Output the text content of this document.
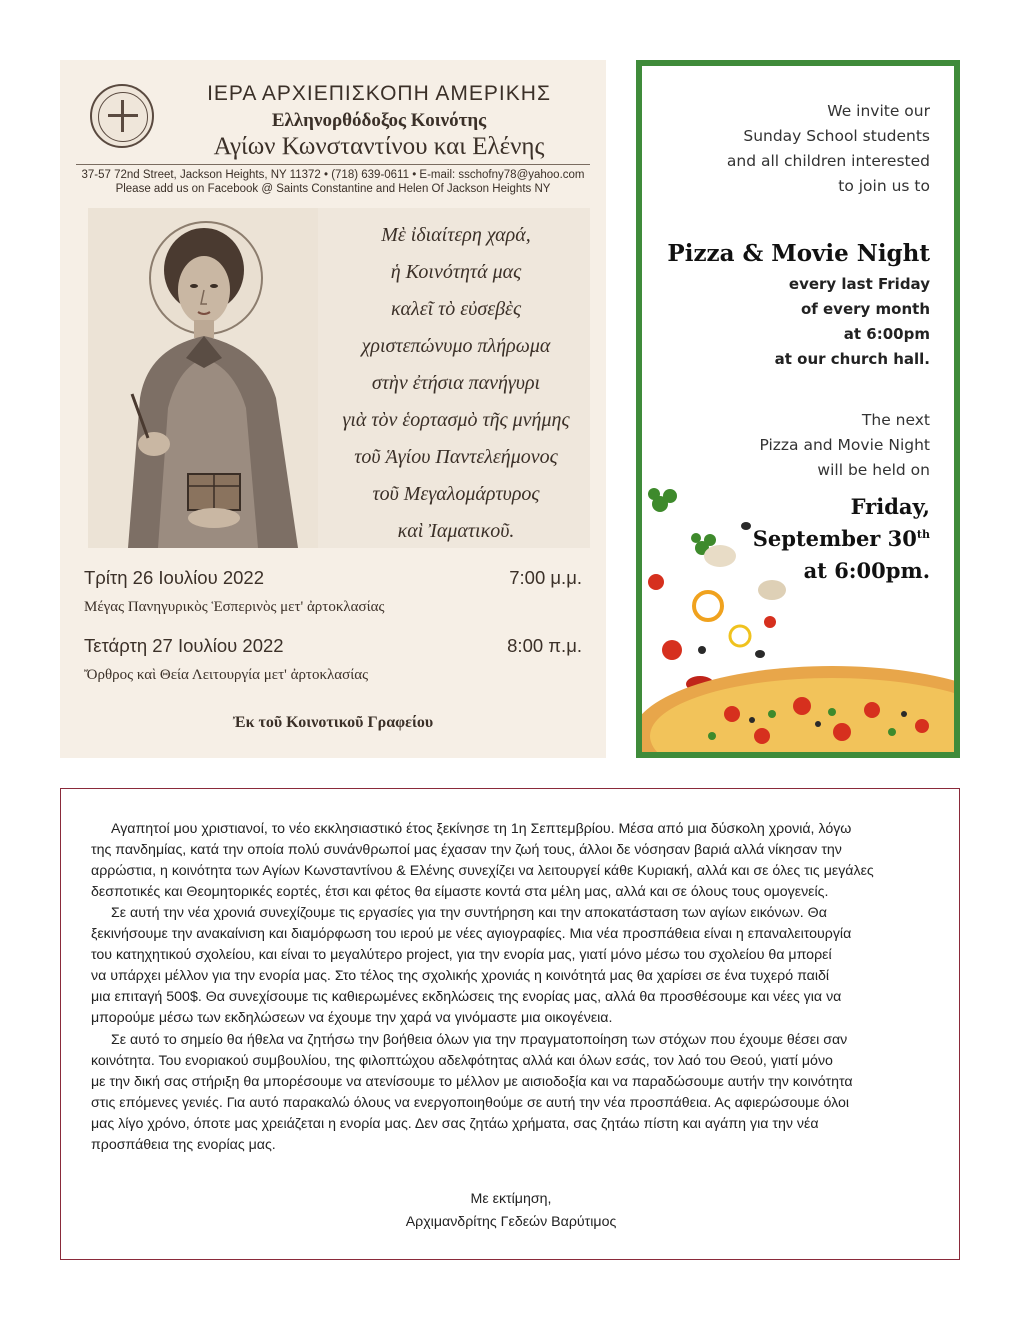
ΙΕΡΑ ΑΡΧΙΕΠΙΣΚΟΠΗ ΑΜΕΡΙΚΗΣ
Ελληνορθόδοξος Κοινότης
Αγίων Κωνσταντίνου και Ελένης
37-57 72nd Street, Jackson Heights, NY 11372 • (718) 639-0611 • E-mail: sschofny78@yahoo.com
Please add us on Facebook @ Saints Constantine and Helen Of Jackson Heights NY
Μὲ ἰδιαίτερη χαρά,
ἡ Κοινότητά μας
καλεῖ τὸ εὐσεβὲς
χριστεπώνυμο πλήρωμα
στὴν ἐτήσια πανήγυρι
γιὰ τὸν ἑορτασμὸ τῆς μνήμης
τοῦ Ἁγίου Παντελεήμονος
τοῦ Μεγαλομάρτυρος
καὶ Ἰαματικοῦ.
Τρίτη 26 Ιουλίου 2022	7:00 μ.μ.
Μέγας Πανηγυρικὸς Ἑσπερινὸς μετ' ἀρτοκλασίας
Τετάρτη 27 Ιουλίου 2022	8:00 π.μ.
Ὄρθρος καὶ Θεία Λειτουργία μετ' ἀρτοκλασίας
Ἐκ τοῦ Κοινοτικοῦ Γραφείου
We invite our
Sunday School students
and all children interested
to join us to
Pizza & Movie Night
every last Friday
of every month
at 6:00pm
at our church hall.
The next
Pizza and Movie Night
will be held on
Friday,
September 30th
at 6:00pm.
Αγαπητοί μου χριστιανοί, το νέο εκκλησιαστικό έτος ξεκίνησε τη 1η Σεπτεμβρίου. Μέσα από μια δύσκολη χρονιά, λόγω
της πανδημίας, κατά την οποία πολύ συνάνθρωποί μας έχασαν την ζωή τους, άλλοι δε νόσησαν βαριά αλλά νίκησαν την
αρρώστια, η κοινότητα των Αγίων Κωνσταντίνου & Ελένης συνεχίζει να λειτουργεί κάθε Κυριακή, αλλά και σε όλες τις μεγάλες
δεσποτικές και Θεομητορικές εορτές, έτσι και φέτος θα είμαστε κοντά στα μέλη μας, αλλά και σε όλους τους ομογενείς.
Σε αυτή την νέα χρονιά συνεχίζουμε τις εργασίες για την συντήρηση και την αποκατάσταση των αγίων εικόνων. Θα
ξεκινήσουμε την ανακαίνιση και διαμόρφωση του ιερού με νέες αγιογραφίες. Μια νέα προσπάθεια είναι η επαναλειτουργία
του κατηχητικού σχολείου, και είναι το μεγαλύτερο project, για την ενορία μας, γιατί μόνο μέσω του σχολείου θα μπορεί
να υπάρχει μέλλον για την ενορία μας. Στο τέλος της σχολικής χρονιάς η κοινότητά μας θα χαρίσει σε ένα τυχερό παιδί
μια επιταγή 500$. Θα συνεχίσουμε τις καθιερωμένες εκδηλώσεις της ενορίας μας, αλλά θα προσθέσουμε και νέες για να
μπορούμε μέσω των εκδηλώσεων να έχουμε την χαρά να γινόμαστε μια οικογένεια.
Σε αυτό το σημείο θα ήθελα να ζητήσω την βοήθεια όλων για την πραγματοποίηση των στόχων που έχουμε θέσει σαν
κοινότητα. Του ενοριακού συμβουλίου, της φιλοπτώχου αδελφότητας αλλά και όλων εσάς, τον λαό του Θεού, γιατί μόνο
με την δική σας στήριξη θα μπορέσουμε να ατενίσουμε το μέλλον με αισιοδοξία και να παραδώσουμε αυτήν την κοινότητα
στις επόμενες γενιές. Για αυτό παρακαλώ όλους να ενεργοποιηθούμε σε αυτή την νέα προσπάθεια. Ας αφιερώσουμε όλοι
μας λίγο χρόνο, όποτε μας χρειάζεται η ενορία μας. Δεν σας ζητάω χρήματα, σας ζητάω πίστη και αγάπη για την νέα
προσπάθεια της ενορίας μας.
Με εκτίμηση,
Αρχιμανδρίτης Γεδεών Βαρύτιμος
